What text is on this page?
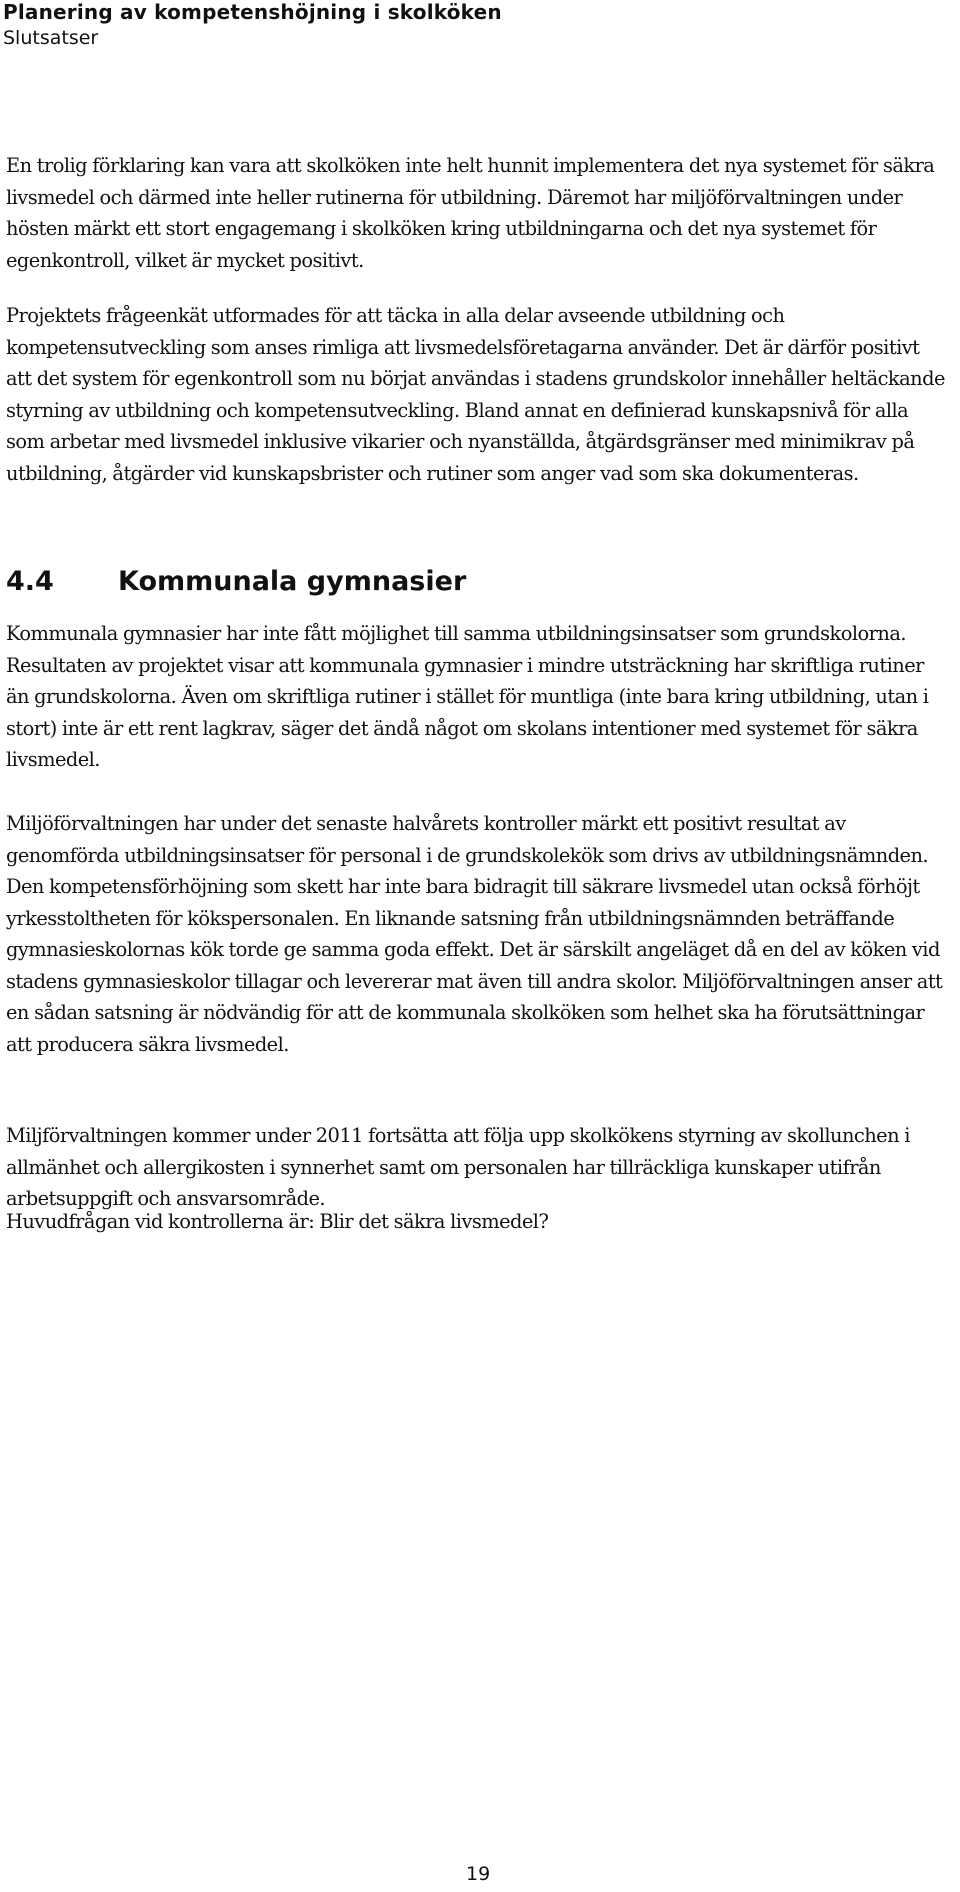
Planering av kompetenshöjning i skolköken
Slutsatser

En trolig förklaring kan vara att skolköken inte helt hunnit implementera det nya systemet för säkra livsmedel och därmed inte heller rutinerna för utbildning. Däremot har miljöförvaltningen under hösten märkt ett stort engagemang i skolköken kring utbildningarna och det nya systemet för egenkontroll, vilket är mycket positivt.

Projektets frågeenkät utformades för att täcka in alla delar avseende utbildning och kompetensutveckling som anses rimliga att livsmedelsföretagarna använder. Det är därför positivt att det system för egenkontroll som nu börjat användas i stadens grundskolor innehåller heltäckande styrning av utbildning och kompetensutveckling. Bland annat en definierad kunskapsnivå för alla som arbetar med livsmedel inklusive vikarier och nyanställda, åtgärdsgränser med minimikrav på utbildning, åtgärder vid kunskapsbrister och rutiner som anger vad som ska dokumenteras.

4.4 Kommunala gymnasier

Kommunala gymnasier har inte fått möjlighet till samma utbildningsinsatser som grundskolorna. Resultaten av projektet visar att kommunala gymnasier i mindre utsträckning har skriftliga rutiner än grundskolorna. Även om skriftliga rutiner i stället för muntliga (inte bara kring utbildning, utan i stort) inte är ett rent lagkrav, säger det ändå något om skolans intentioner med systemet för säkra livsmedel.

Miljöförvaltningen har under det senaste halvårets kontroller märkt ett positivt resultat av genomförda utbildningsinsatser för personal i de grundskolekök som drivs av utbildningsnämnden. Den kompetensförhöjning som skett har inte bara bidragit till säkrare livsmedel utan också förhöjt yrkesstoltheten för kökspersonalen. En liknande satsning från utbildningsnämnden beträffande gymnasieskolornas kök torde ge samma goda effekt. Det är särskilt angeläget då en del av köken vid stadens gymnasieskolor tillagar och levererar mat även till andra skolor. Miljöförvaltningen anser att en sådan satsning är nödvändig för att de kommunala skolköken som helhet ska ha förutsättningar att producera säkra livsmedel.

Miljförvaltningen kommer under 2011 fortsätta att följa upp skolkökens styrning av skollunchen i allmänhet och allergikosten i synnerhet samt om personalen har tillräckliga kunskaper utifrån arbetsuppgift och ansvarsområde.

Huvudfrågan vid kontrollerna är: Blir det säkra livsmedel?

19
